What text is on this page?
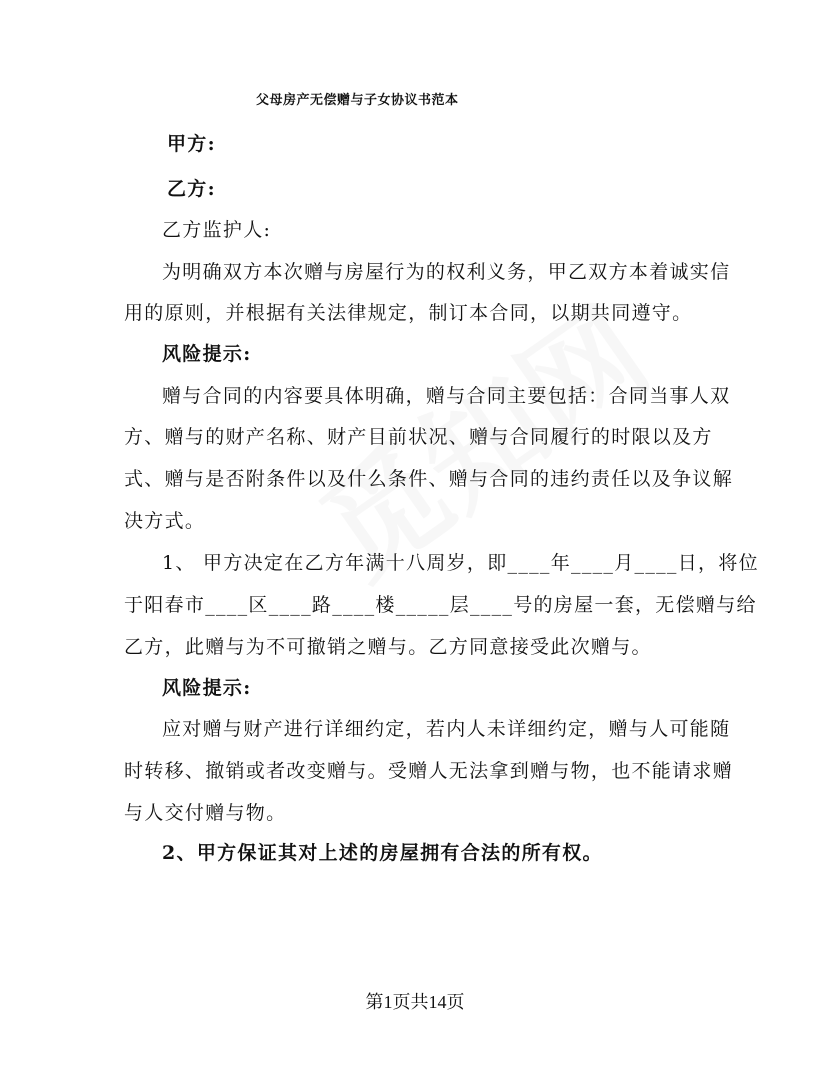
父母房产无偿赠与子女协议书范本
甲方:
乙方:
乙方监护人:
为明确双方本次赠与房屋行为的权利义务，甲乙双方本着诚实信
用的原则，并根据有关法律规定，制订本合同，以期共同遵守。
风险提示:
赠与合同的内容要具体明确，赠与合同主要包括：合同当事人双
方、赠与的财产名称、财产目前状况、赠与合同履行的时限以及方
式、赠与是否附条件以及什么条件、赠与合同的违约责任以及争议解
决方式。
1、 甲方决定在乙方年满十八周岁，即____年____月____日，将位
于阳春市____区____路____楼_____层____号的房屋一套，无偿赠与给
乙方，此赠与为不可撤销之赠与。乙方同意接受此次赠与。
风险提示:
应对赠与财产进行详细约定，若内人未详细约定，赠与人可能随
时转移、撤销或者改变赠与。受赠人无法拿到赠与物，也不能请求赠
与人交付赠与物。
2、甲方保证其对上述的房屋拥有合法的所有权。
第1页共14页
